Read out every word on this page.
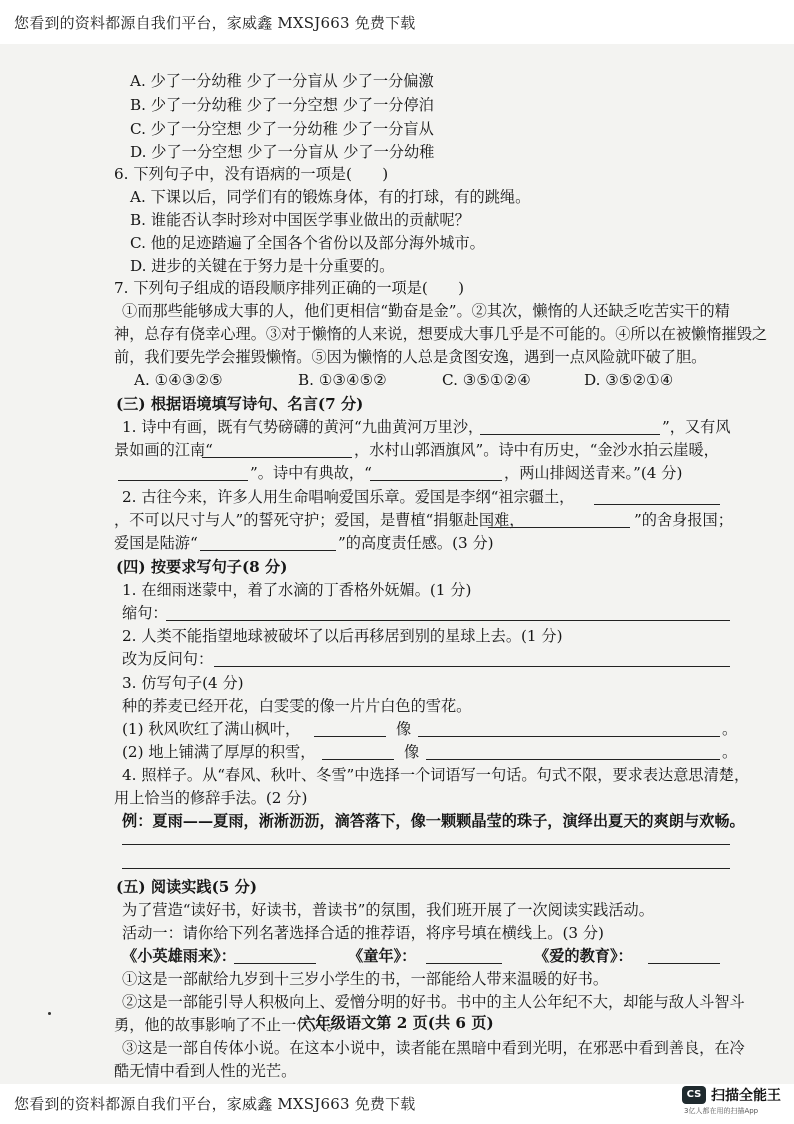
您看到的资料都源自我们平台，家威鑫 MXSJ663 免费下载
A. 少了一分幼稚 少了一分盲从 少了一分偏激
B. 少了一分幼稚 少了一分空想 少了一分停泊
C. 少了一分空想 少了一分幼稚 少了一分盲从
D. 少了一分空想 少了一分盲从 少了一分幼稚
6. 下列句子中，没有语病的一项是(　　)
A. 下课以后，同学们有的锻炼身体，有的打球，有的跳绳。
B. 谁能否认李时珍对中国医学事业做出的贡献呢？
C. 他的足迹踏遍了全国各个省份以及部分海外城市。
D. 进步的关键在于努力是十分重要的。
7. 下列句子组成的语段顺序排列正确的一项是(　　)
①而那些能够成大事的人，他们更相信“勤奋是金”。②其次，懒惰的人还缺乏吃苦实干的精
神，总存有侥幸心理。③对于懒惰的人来说，想要成大事几乎是不可能的。④所以在被懒惰摧毁之
前，我们要先学会摧毁懒惰。⑤因为懒惰的人总是贪图安逸，遇到一点风险就吓破了胆。
A. ①④③②⑤	B. ①③④⑤②	C. ③⑤①②④	D. ③⑤②①④
(三) 根据语境填写诗句、名言(7 分)
1. 诗中有画，既有气势磅礴的黄河“九曲黄河万里沙，	”，又有风
景如画的江南“	，水村山郭酒旗风”。诗中有历史，“金沙水拍云崖暖，
”。诗中有典故，“	，两山排闼送青来。”(4 分)
2. 古往今来，许多人用生命唱响爱国乐章。爱国是李纲“祖宗疆土，
，不可以尺寸与人”的誓死守护；爱国，是曹植“捐躯赴国难，	”的舍身报国；
爱国是陆游“	”的高度责任感。(3 分)
(四) 按要求写句子(8 分)
1. 在细雨迷蒙中，着了水滴的丁香格外妩媚。(1 分)
缩句：
2. 人类不能指望地球被破坏了以后再移居到别的星球上去。(1 分)
改为反问句：
3. 仿写句子(4 分)
种的荞麦已经开花，白雯雯的像一片片白色的雪花。
(1) 秋风吹红了满山枫叶，	像	。
(2) 地上铺满了厚厚的积雪，	像	。
4. 照样子。从“春风、秋叶、冬雪”中选择一个词语写一句话。句式不限，要求表达意思清楚，
用上恰当的修辞手法。(2 分)
例：夏雨——夏雨，淅淅沥沥，滴答落下，像一颗颗晶莹的珠子，演绎出夏天的爽朗与欢畅。
(五) 阅读实践(5 分)
为了营造“读好书，好读书，普读书”的氛围，我们班开展了一次阅读实践活动。
活动一：请你给下列名著选择合适的推荐语，将序号填在横线上。(3 分)
《小英雄雨来》：	《童年》：	《爱的教育》：
①这是一部献给九岁到十三岁小学生的书，一部能给人带来温暖的好书。
②这是一部能引导人积极向上、爱憎分明的好书。书中的主人公年纪不大，却能与敌人斗智斗
勇，他的故事影响了不止一代人。
③这是一部自传体小说。在这本小说中，读者能在黑暗中看到光明，在邪恶中看到善良，在冷
酷无情中看到人性的光芒。
六年级语文第 2 页(共 6 页)
您看到的资料都源自我们平台，家威鑫 MXSJ663 免费下载
CS 扫描全能王
3亿人都在用的扫描App
